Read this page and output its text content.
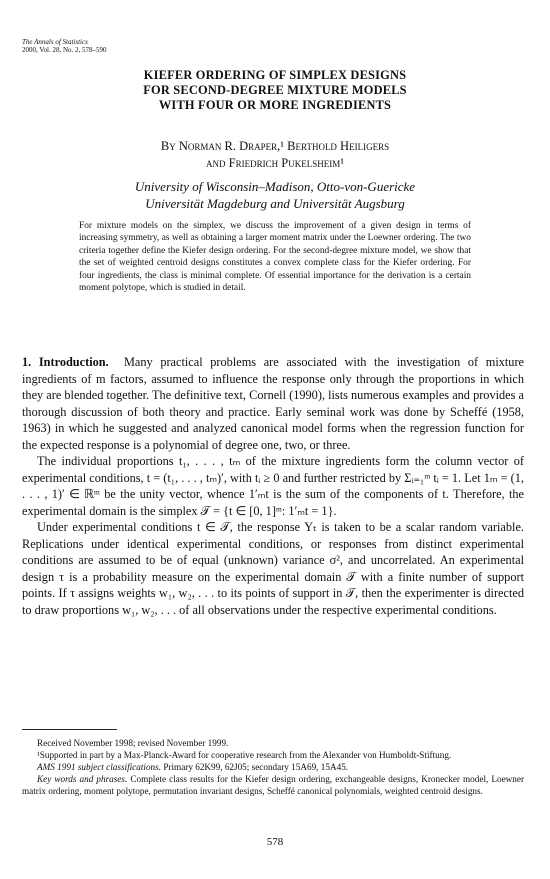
The Annals of Statistics
2000, Vol. 28, No. 2, 578–590
KIEFER ORDERING OF SIMPLEX DESIGNS
FOR SECOND-DEGREE MIXTURE MODELS
WITH FOUR OR MORE INGREDIENTS
By Norman R. Draper,¹ Berthold Heiligers
and Friedrich Pukelsheim¹
University of Wisconsin–Madison, Otto-von-Guericke
Universität Magdeburg and Universität Augsburg
For mixture models on the simplex, we discuss the improvement of a given design in terms of increasing symmetry, as well as obtaining a larger moment matrix under the Loewner ordering. The two criteria together define the Kiefer design ordering. For the second-degree mixture model, we show that the set of weighted centroid designs constitutes a convex complete class for the Kiefer ordering. For four ingredients, the class is minimal complete. Of essential importance for the derivation is a certain moment polytope, which is studied in detail.

1. Introduction. Many practical problems are associated with the investigation of mixture ingredients of m factors, assumed to influence the response only through the proportions in which they are blended together. The definitive text, Cornell (1990), lists numerous examples and provides a thorough discussion of both theory and practice. Early seminal work was done by Scheffé (1958, 1963) in which he suggested and analyzed canonical model forms when the regression function for the expected response is a polynomial of degree one, two, or three.

The individual proportions t₁, . . . , tₘ of the mixture ingredients form the column vector of experimental conditions, t = (t₁, . . . , tₘ)′, with tᵢ ≥ 0 and further restricted by Σᵢ₌₁ᵐ tᵢ = 1. Let 1ₘ = (1, . . . , 1)′ ∈ ℝᵐ be the unity vector, whence 1′ₘt is the sum of the components of t. Therefore, the experimental domain is the simplex 𝒯 = {t ∈ [0, 1]ᵐ: 1′ₘt = 1}.

Under experimental conditions t ∈ 𝒯, the response Yₜ is taken to be a scalar random variable. Replications under identical experimental conditions, or responses from distinct experimental conditions are assumed to be of equal (unknown) variance σ², and uncorrelated. An experimental design τ is a probability measure on the experimental domain 𝒯 with a finite number of support points. If τ assigns weights w₁, w₂, . . . to its points of support in 𝒯, then the experimenter is directed to draw proportions w₁, w₂, . . . of all observations under the respective experimental conditions.

Received November 1998; revised November 1999.

¹Supported in part by a Max-Planck-Award for cooperative research from the Alexander von Humboldt-Stiftung.

AMS 1991 subject classifications. Primary 62K99, 62J05; secondary 15A69, 15A45.

Key words and phrases. Complete class results for the Kiefer design ordering, exchangeable designs, Kronecker model, Loewner matrix ordering, moment polytope, permutation invariant designs, Scheffé canonical polynomials, weighted centroid designs.

578
